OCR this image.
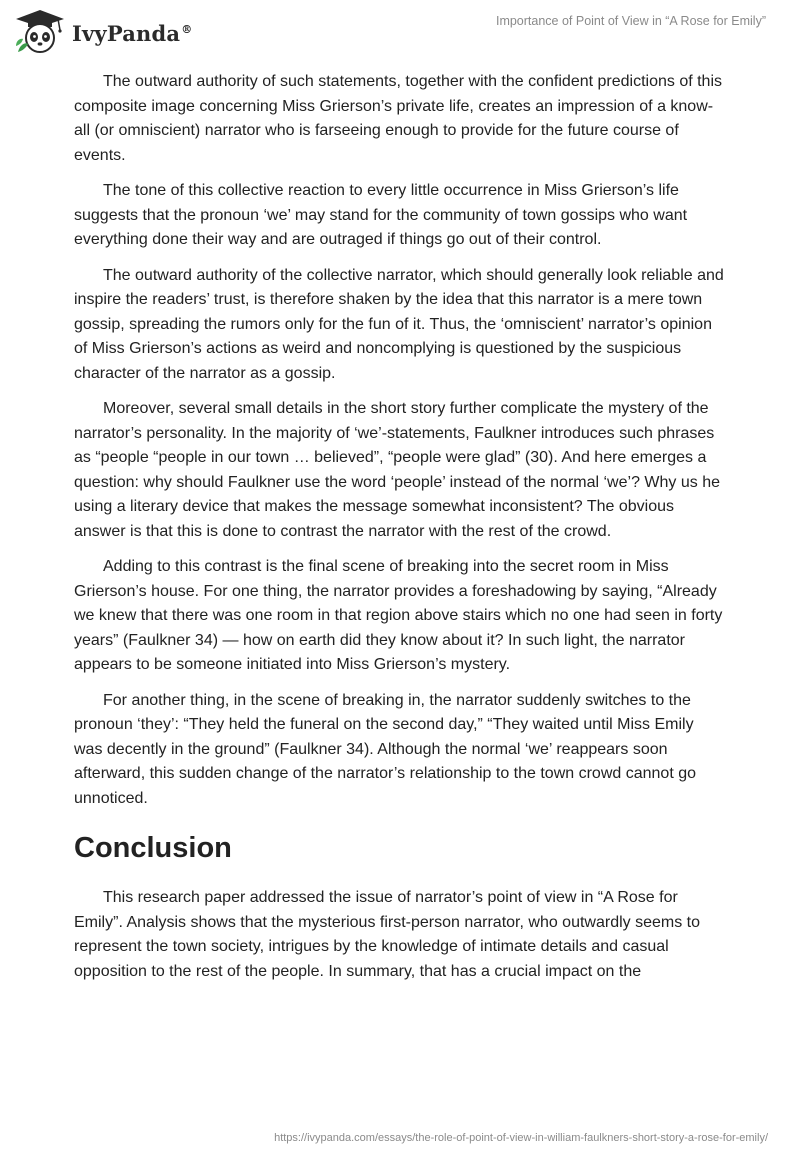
IvyPanda®
Importance of Point of View in “A Rose for Emily”

The outward authority of such statements, together with the confident predictions of this composite image concerning Miss Grierson’s private life, creates an impression of a know-all (or omniscient) narrator who is farseeing enough to provide for the future course of events.

The tone of this collective reaction to every little occurrence in Miss Grierson’s life suggests that the pronoun ‘we’ may stand for the community of town gossips who want everything done their way and are outraged if things go out of their control.

The outward authority of the collective narrator, which should generally look reliable and inspire the readers’ trust, is therefore shaken by the idea that this narrator is a mere town gossip, spreading the rumors only for the fun of it. Thus, the ‘omniscient’ narrator’s opinion of Miss Grierson’s actions as weird and noncomplying is questioned by the suspicious character of the narrator as a gossip.

Moreover, several small details in the short story further complicate the mystery of the narrator’s personality. In the majority of ‘we’-statements, Faulkner introduces such phrases as “people “people in our town … believed”, “people were glad” (30). And here emerges a question: why should Faulkner use the word ‘people’ instead of the normal ‘we’? Why us he using a literary device that makes the message somewhat inconsistent? The obvious answer is that this is done to contrast the narrator with the rest of the crowd.

Adding to this contrast is the final scene of breaking into the secret room in Miss Grierson’s house. For one thing, the narrator provides a foreshadowing by saying, “Already we knew that there was one room in that region above stairs which no one had seen in forty years” (Faulkner 34) — how on earth did they know about it? In such light, the narrator appears to be someone initiated into Miss Grierson’s mystery.

For another thing, in the scene of breaking in, the narrator suddenly switches to the pronoun ‘they’: “They held the funeral on the second day,” “They waited until Miss Emily was decently in the ground” (Faulkner 34). Although the normal ‘we’ reappears soon afterward, this sudden change of the narrator’s relationship to the town crowd cannot go unnoticed.

Conclusion

This research paper addressed the issue of narrator’s point of view in “A Rose for Emily”. Analysis shows that the mysterious first-person narrator, who outwardly seems to represent the town society, intrigues by the knowledge of intimate details and casual opposition to the rest of the people. In summary, that has a crucial impact on the

https://ivypanda.com/essays/the-role-of-point-of-view-in-william-faulkners-short-story-a-rose-for-emily/
